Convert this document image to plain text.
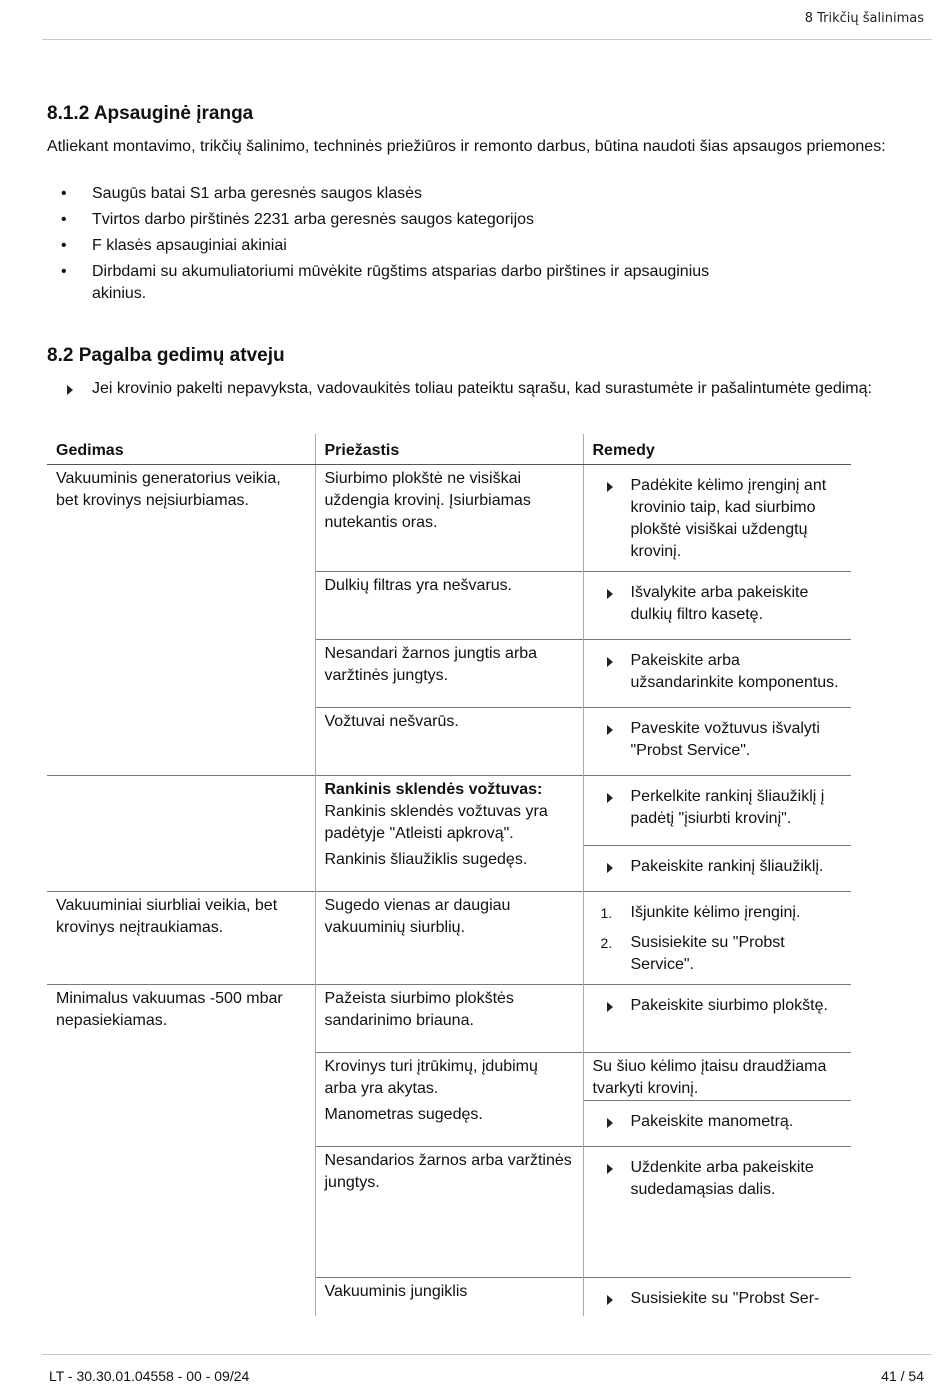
8 Trikčių šalinimas
8.1.2 Apsauginė įranga
Atliekant montavimo, trikčių šalinimo, techninės priežiūros ir remonto darbus, būtina naudoti šias apsaugos priemones:
• Saugūs batai S1 arba geresnės saugos klasės
• Tvirtos darbo pirštinės 2231 arba geresnės saugos kategorijos
• F klasės apsauginiai akiniai
• Dirbdami su akumuliatoriumi mūvėkite rūgštims atsparias darbo pirštines ir apsauginius akinius.
8.2 Pagalba gedimų atveju
Jei krovinio pakelti nepavyksta, vadovaukitės toliau pateiktu sąrašu, kad surastumėte ir pašalintumėte gedimą:
Gedimas	Priežastis	Remedy
Vakuuminis generatorius veikia, bet krovinys neįsiurbiamas.	Siurbimo plokštė ne visiškai uždengia krovinį. Įsiurbiamas nutekantis oras.	Padėkite kėlimo įrenginį ant krovinio taip, kad siurbimo plokštė visiškai uždengtų krovinį.

	Dulkių filtras yra nešvarus.	Išvalykite arba pakeiskite dulkių filtro kasetę.

	Nesandari žarnos jungtis arba varžtinės jungtys.	Pakeiskite arba užsandarinkite komponentus.

	Vožtuvai nešvarūs.	Paveskite vožtuvus išvalyti "Probst Service".

	Rankinis sklendės vožtuvas:
Rankinis sklendės vožtuvas yra padėtyje "Atleisti apkrovą".	Perkelkite rankinį šliaužiklį į padėtį "įsiurbti krovinį".

	Rankinis šliaužiklis sugedęs.	Pakeiskite rankinį šliaužiklį.

Vakuuminiai siurbliai veikia, bet krovinys neįtraukiamas.	Sugedo vienas ar daugiau vakuuminių siurblių.	1. Išjunkite kėlimo įrenginį.
2. Susisiekite su "Probst Service".

Minimalus vakuumas -500 mbar nepasiekiamas.	Pažeista siurbimo plokštės sandarinimo briauna.	Pakeiskite siurbimo plokštę.

	Krovinys turi įtrūkimų, įdubimų arba yra akytas.	Su šiuo kėlimo įtaisu draudžiama tvarkyti krovinį.
	Manometras sugedęs.	Pakeiskite manometrą.

	Nesandarios žarnos arba varžtinės jungtys.	Uždenkite arba pakeiskite sudedamąsias dalis.

	Vakuuminis jungiklis	Susisiekite su "Probst Ser-
LT - 30.30.01.04558 - 00 - 09/24	41 / 54
